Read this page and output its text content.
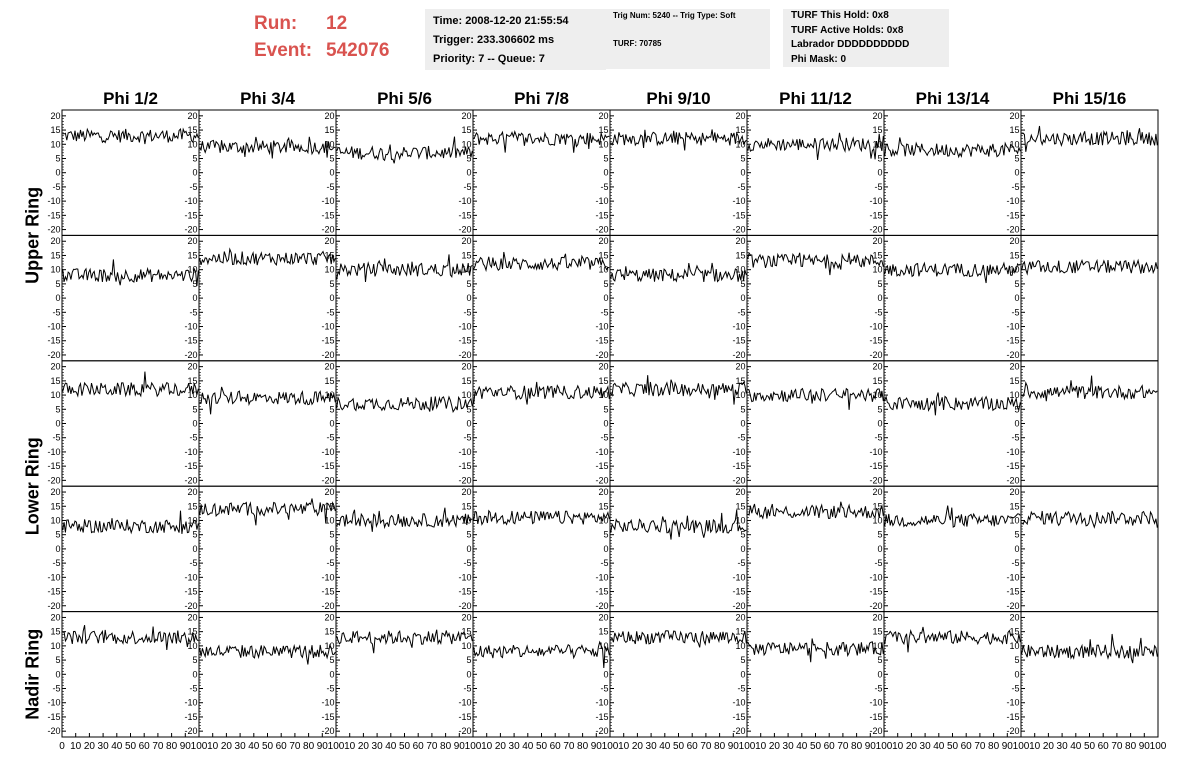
Run: 12
Event: 542076
Time: 2008-12-20 21:55:54
Trigger: 233.306602 ms
Priority: 7 -- Queue: 7
Trig Num: 5240 -- Trig Type: Soft
TURF: 70785
TURF This Hold: 0x8
TURF Active Holds: 0x8
Labrador DDDDDDDDDD
Phi Mask: 0
Phi 1/2	Phi 3/4	Phi 5/6	Phi 7/8	Phi 9/10	Phi 11/12	Phi 13/14	Phi 15/16
Upper Ring
Lower Ring
Nadir Ring
20
15
10
5
0
-5
-10
-15
-20
20
15
10
5
0
-5
-10
-15
-20
20
15
10
5
0
-5
-10
-15
-20
20
15
10
5
0
-5
-10
-15
-20
20
15
10
5
0
-5
-10
-15
-20
20
15
10
5
0
-5
-10
-15
-20
20
15
10
5
0
-5
-10
-15
-20
20
15
10
5
0
-5
-10
-15
-20
20
15
10
5
0
-5
-10
-15
-20
20
15
10
5
0
-5
-10
-15
-20
20
15
10
5
0
-5
-10
-15
-20
20
15
10
5
0
-5
-10
-15
-20
20
15
10
5
0
-5
-10
-15
-20
20
15
10
5
0
-5
-10
-15
-20
20
15
10
5
0
-5
-10
-15
-20
20
15
10
5
0
-5
-10
-15
-20
20
15
10
5
0
-5
-10
-15
-20
20
15
10
5
0
-5
-10
-15
-20
20
15
10
5
0
-5
-10
-15
-20
20
15
10
5
0
-5
-10
-15
-20
20
15
10
5
0
-5
-10
-15
-20
20
15
10
5
0
-5
-10
-15
-20
20
15
10
5
0
-5
-10
-15
-20
20
15
10
5
0
-5
-10
-15
-20
20
15
10
5
0
-5
-10
-15
-20
20
15
10
5
0
-5
-10
-15
-20
20
15
10
5
0
-5
-10
-15
-20
20
15
10
5
0
-5
-10
-15
-20
20
15
10
5
0
-5
-10
-15
-20
20
15
10
5
0
-5
-10
-15
-20
20
15
10
5
0
-5
-10
-15
-20
20
15
10
5
0
-5
-10
-15
-20
20
15
10
5
0
-5
-10
-15
-20
20
15
10
5
0
-5
-10
-15
-20
20
15
10
5
0
-5
-10
-15
-20
20
15
10
5
0
-5
-10
-15
-20
20
15
10
5
0
-5
-10
-15
-20
20
15
10
5
0
-5
-10
-15
-20
20
15
10
5
0
-5
-10
-15
-20
20
15
10
5
0
-5
-10
-15
-20
0 10 20 30 40 50 60 70 80 90 100 10 20 30 40 50 60 70 80 90 100 10 20 30 40 50 60 70 80 90 100 10 20 30 40 50 60 70 80 90 100 10 20 30 40 50 60 70 80 90 100 10 20 30 40 50 60 70 80 90 100 10 20 30 40 50 60 70 80 90 100 10 20 30 40 50 60 70 80 90 100
